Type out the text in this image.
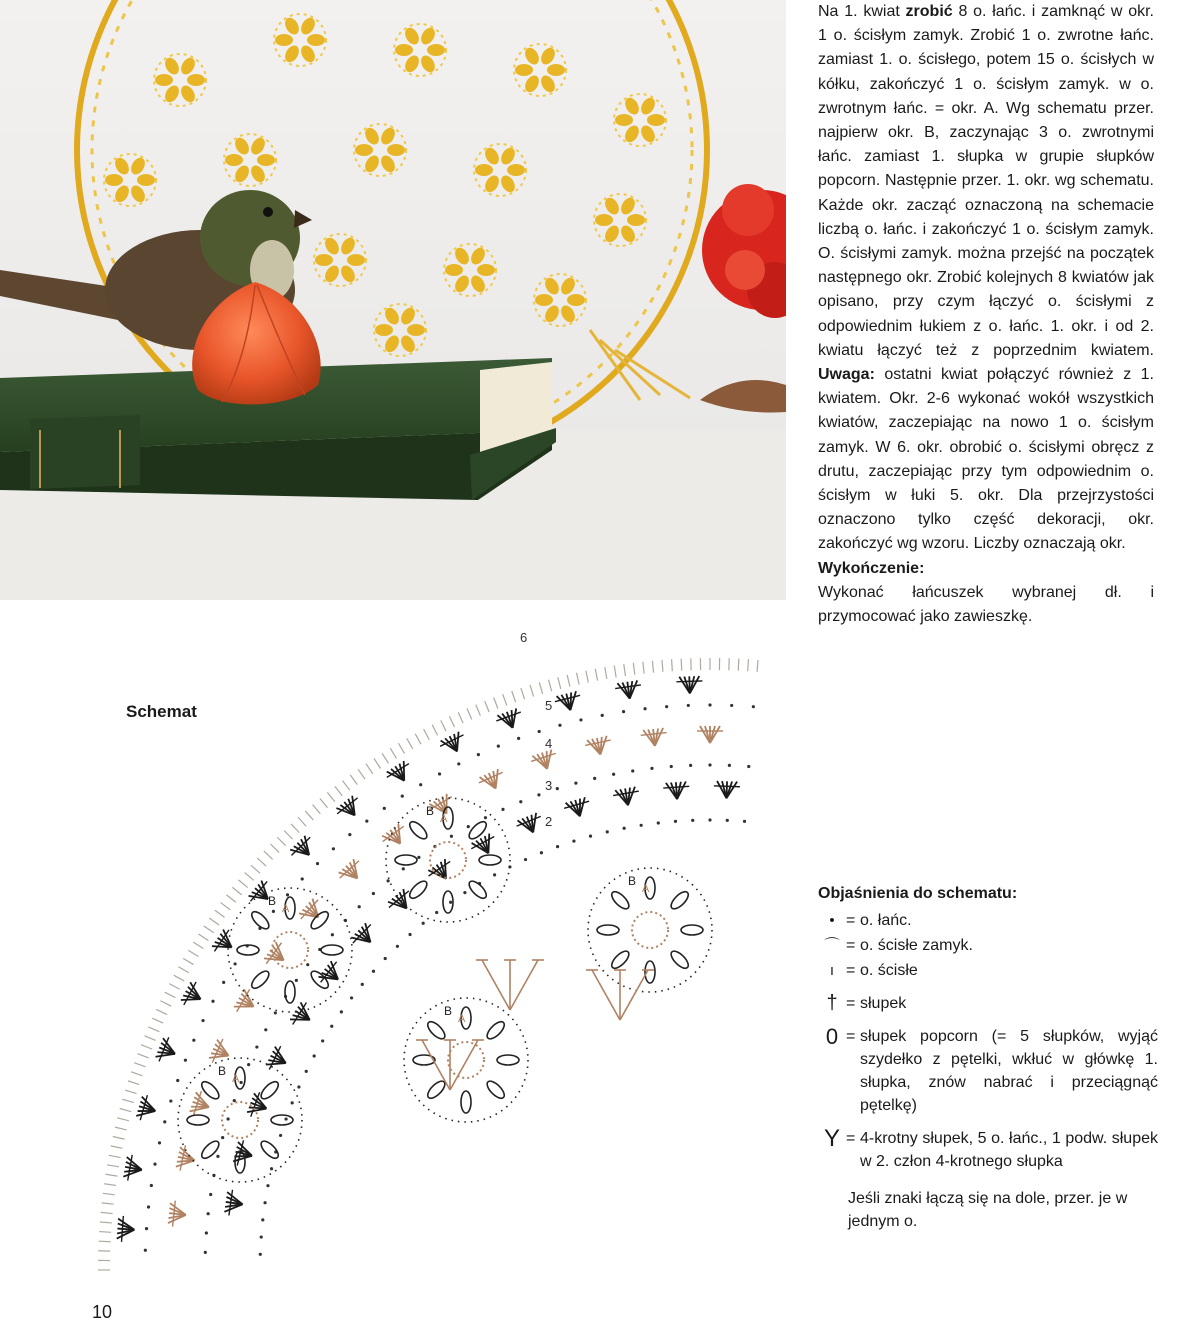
Na 1. kwiat zrobić 8 o. łańc. i zamknąć w okr. 1 o. ścisłym zamyk. Zrobić 1 o. zwrotne łańc. zamiast 1. o. ścisłego, potem 15 o. ścisłych w kółku, zakończyć 1 o. ścisłym zamyk. w o. zwrotnym łańc. = okr. A. Wg schematu przer. najpierw okr. B, zaczynając 3 o. zwrotnymi łańc. zamiast 1. słupka w grupie słupków popcorn. Następnie przer. 1. okr. wg schematu. Każde okr. zacząć oznaczoną na schemacie liczbą o. łańc. i zakończyć 1 o. ścisłym zamyk. O. ścisłymi zamyk. można przejść na początek następnego okr. Zrobić kolejnych 8 kwiatów jak opisano, przy czym łączyć o. ścisłymi z odpowiednim łukiem z o. łańc. 1. okr. i od 2. kwiatu łączyć też z poprzednim kwiatem. Uwaga: ostatni kwiat połączyć również z 1. kwiatem. Okr. 2-6 wykonać wokół wszystkich kwiatów, zaczepiając na nowo 1 o. ścisłym zamyk. W 6. okr. obrobić o. ścisłymi obręcz z drutu, zaczepiając przy tym odpowiednim o. ścisłym w łuki 5. okr. Dla przejrzystości oznaczono tylko część dekoracji, okr. zakończyć wg wzoru. Liczby oznaczają okr.

Wykończenie:

Wykonać łańcuszek wybranej dł. i przymocować jako zawieszkę.

Objaśnienia do schematu:
• = o. łańc.
⌒ = o. ścisłe zamyk.
ı = o. ścisłe
† = słupek
0 = słupek popcorn (= 5 słupków, wyjąć szydełko z pętelki, wkłuć w główkę 1. słupka, znów nabrać i przeciągnąć pętelkę)
Y = 4-krotny słupek, 5 o. łańc., 1 podw. słupek w 2. człon 4-krotnego słupka
Jeśli znaki łączą się na dole, przer. je w jednym o.
Schemat
B
A
B
A
B
A
B
A
B
A
6
5
4
3
2
10
